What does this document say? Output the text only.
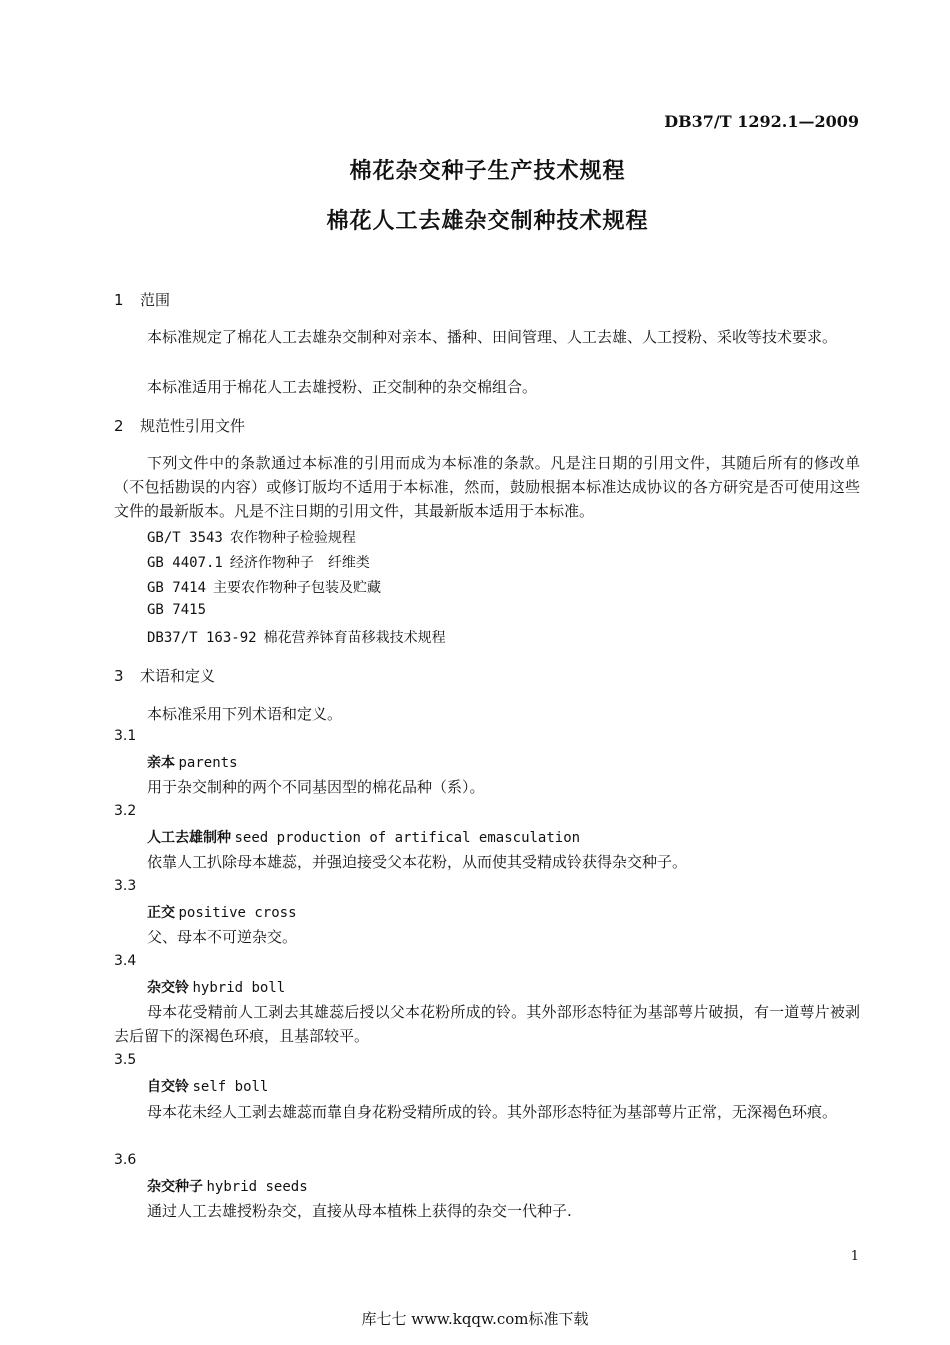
DB37/T 1292.1—2009
棉花杂交种子生产技术规程
棉花人工去雄杂交制种技术规程
1 范围
本标准规定了棉花人工去雄杂交制种对亲本、播种、田间管理、人工去雄、人工授粉、采收等技术要求。
本标准适用于棉花人工去雄授粉、正交制种的杂交棉组合。
2 规范性引用文件
下列文件中的条款通过本标准的引用而成为本标准的条款。凡是注日期的引用文件，其随后所有的修改单（不包括勘误的内容）或修订版均不适用于本标准，然而，鼓励根据本标准达成协议的各方研究是否可使用这些文件的最新版本。凡是不注日期的引用文件，其最新版本适用于本标准。
GB/T 3543 农作物种子检验规程
GB 4407.1 经济作物种子　纤维类
GB 7414 主要农作物种子包装及贮藏
GB 7415
DB37/T 163-92 棉花营养钵育苗移栽技术规程
3 术语和定义
本标准采用下列术语和定义。
3.1
亲本 parents
用于杂交制种的两个不同基因型的棉花品种（系）。
3.2
人工去雄制种 seed production of artifical emasculation
依靠人工扒除母本雄蕊，并强迫接受父本花粉，从而使其受精成铃获得杂交种子。
3.3
正交 positive cross
父、母本不可逆杂交。
3.4
杂交铃 hybrid boll
母本花受精前人工剥去其雄蕊后授以父本花粉所成的铃。其外部形态特征为基部萼片破损，有一道萼片被剥去后留下的深褐色环痕，且基部较平。
3.5
自交铃 self boll
母本花未经人工剥去雄蕊而靠自身花粉受精所成的铃。其外部形态特征为基部萼片正常，无深褐色环痕。
3.6
杂交种子 hybrid seeds
通过人工去雄授粉杂交，直接从母本植株上获得的杂交一代种子.
1
库七七 www.kqqw.com标准下载
